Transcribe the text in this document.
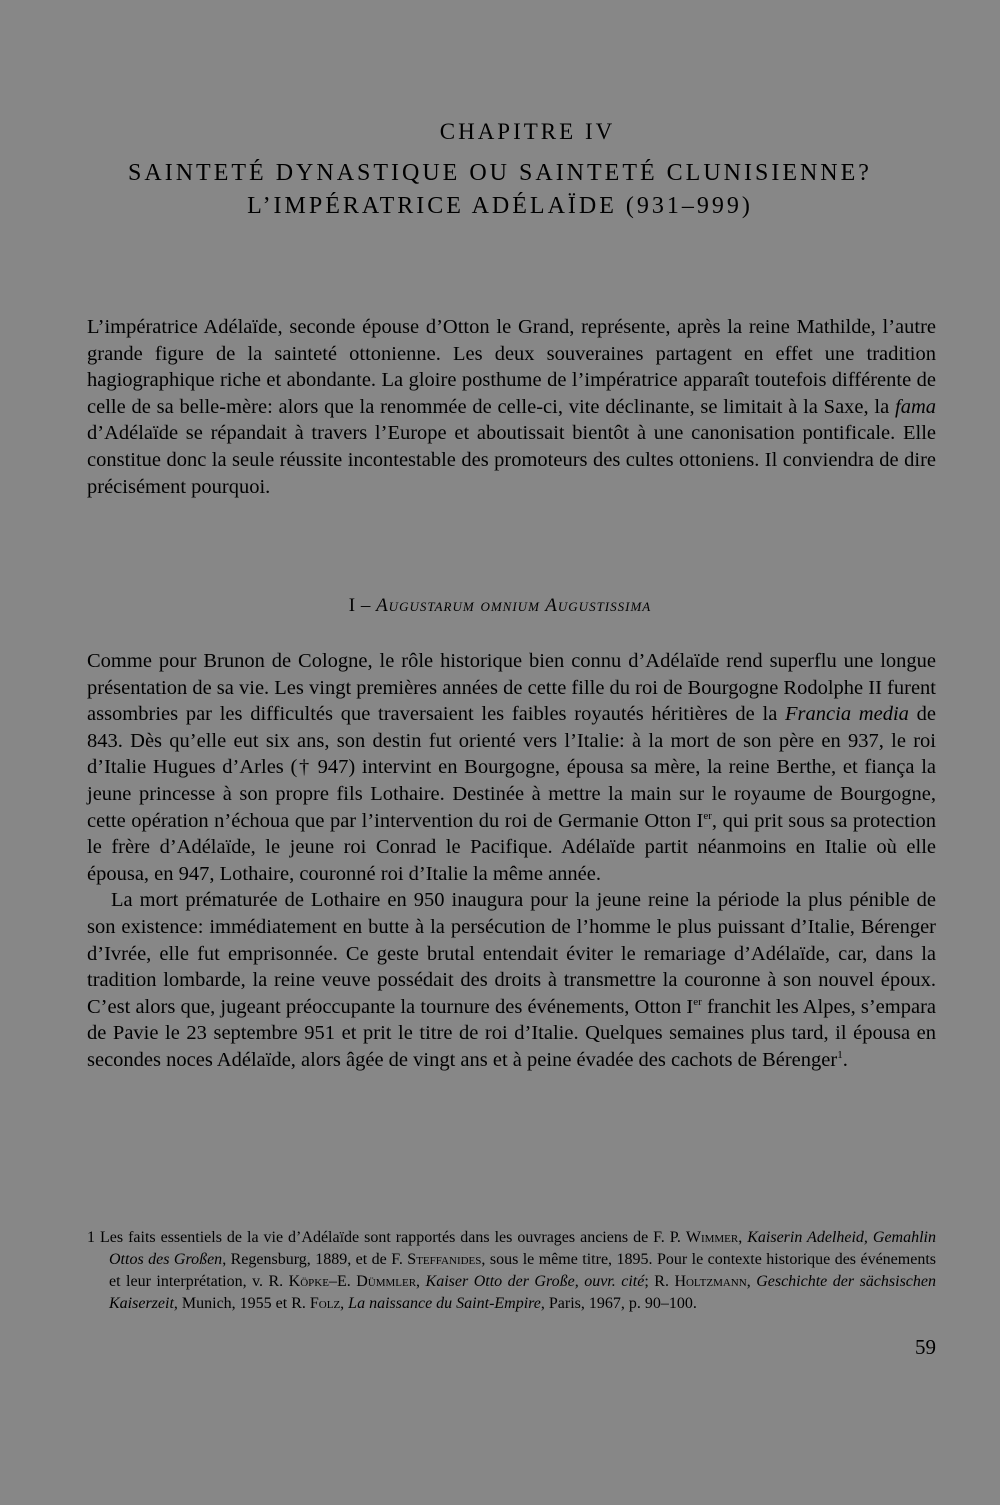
CHAPITRE IV
SAINTETÉ DYNASTIQUE OU SAINTETÉ CLUNISIENNE?
L’IMPÉRATRICE ADÉLAÏDE (931–999)

L’impératrice Adélaïde, seconde épouse d’Otton le Grand, représente, après la reine Mathilde, l’autre grande figure de la sainteté ottonienne. Les deux souveraines partagent en effet une tradition hagiographique riche et abondante. La gloire posthume de l’impératrice apparaît toutefois différente de celle de sa belle-mère: alors que la renommée de celle-ci, vite déclinante, se limitait à la Saxe, la fama d’Adélaïde se répandait à travers l’Europe et aboutissait bientôt à une canonisation pontificale. Elle constitue donc la seule réussite incontestable des promoteurs des cultes ottoniens. Il conviendra de dire précisément pourquoi.

I – Augustarum omnium Augustissima

Comme pour Brunon de Cologne, le rôle historique bien connu d’Adélaïde rend superflu une longue présentation de sa vie. Les vingt premières années de cette fille du roi de Bourgogne Rodolphe II furent assombries par les difficultés que traversaient les faibles royautés héritières de la Francia media de 843. Dès qu’elle eut six ans, son destin fut orienté vers l’Italie: à la mort de son père en 937, le roi d’Italie Hugues d’Arles († 947) intervint en Bourgogne, épousa sa mère, la reine Berthe, et fiança la jeune princesse à son propre fils Lothaire. Destinée à mettre la main sur le royaume de Bourgogne, cette opération n’échoua que par l’intervention du roi de Germanie Otton Ier, qui prit sous sa protection le frère d’Adélaïde, le jeune roi Conrad le Pacifique. Adélaïde partit néanmoins en Italie où elle épousa, en 947, Lothaire, couronné roi d’Italie la même année.

La mort prématurée de Lothaire en 950 inaugura pour la jeune reine la période la plus pénible de son existence: immédiatement en butte à la persécution de l’homme le plus puissant d’Italie, Bérenger d’Ivrée, elle fut emprisonnée. Ce geste brutal entendait éviter le remariage d’Adélaïde, car, dans la tradition lombarde, la reine veuve possédait des droits à transmettre la couronne à son nouvel époux. C’est alors que, jugeant préoccupante la tournure des événements, Otton Ier franchit les Alpes, s’empara de Pavie le 23 septembre 951 et prit le titre de roi d’Italie. Quelques semaines plus tard, il épousa en secondes noces Adélaïde, alors âgée de vingt ans et à peine évadée des cachots de Bérenger$^1$.

1 Les faits essentiels de la vie d’Adélaïde sont rapportés dans les ouvrages anciens de F. P. Wimmer, Kaiserin Adelheid, Gemahlin Ottos des Großen, Regensburg, 1889, et de F. Steffanides, sous le même titre, 1895. Pour le contexte historique des événements et leur interprétation, v. R. Köpke–E. Dümmler, Kaiser Otto der Große, ouvr. cité; R. Holtzmann, Geschichte der sächsischen Kaiserzeit, Munich, 1955 et R. Folz, La naissance du Saint-Empire, Paris, 1967, p. 90–100.
59
